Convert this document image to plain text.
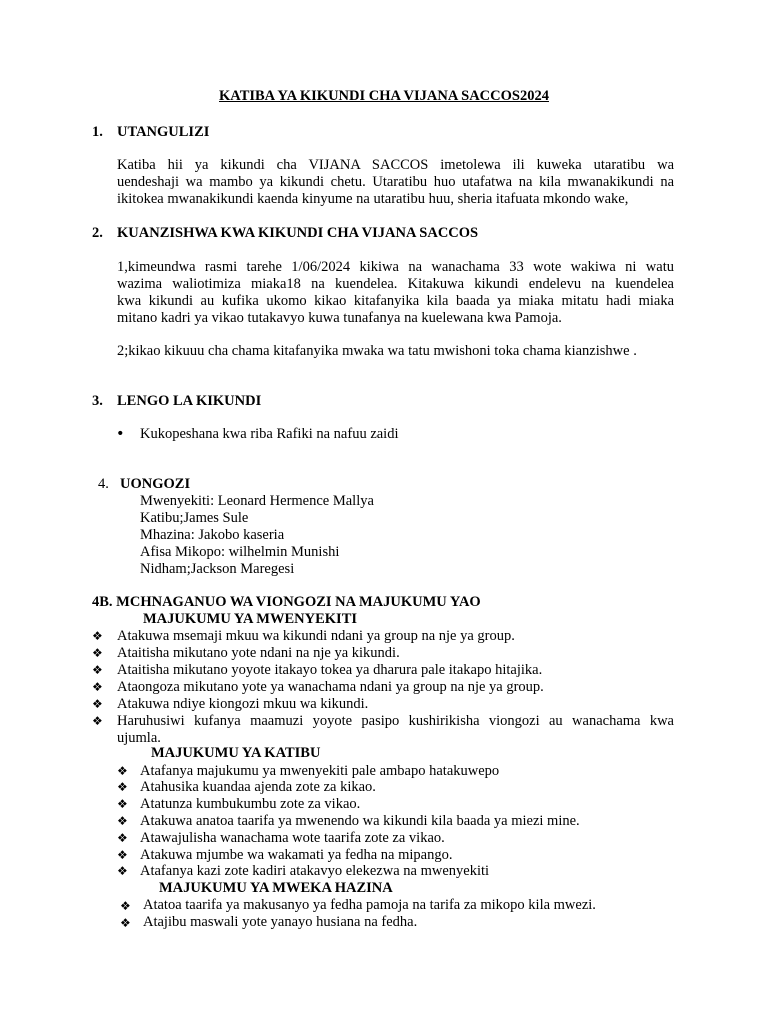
KATIBA YA KIKUNDI CHA VIJANA SACCOS2024
1. UTANGULIZI
Katiba hii ya kikundi cha VIJANA SACCOS imetolewa ili kuweka utaratibu wa
uendeshaji wa mambo ya kikundi chetu. Utaratibu huo utafatwa na kila mwanakikundi na
ikitokea mwanakikundi kaenda kinyume na utaratibu huu, sheria itafuata mkondo wake,
2. KUANZISHWA KWA KIKUNDI CHA VIJANA SACCOS
1,kimeundwa rasmi tarehe 1/06/2024 kikiwa na wanachama 33 wote wakiwa ni watu
wazima waliotimiza miaka18 na kuendelea. Kitakuwa kikundi endelevu na kuendelea
kwa kikundi au kufika ukomo kikao kitafanyika kila baada ya miaka mitatu hadi miaka
mitano kadri ya vikao tutakavyo kuwa tunafanya na kuelewana kwa Pamoja.
2;kikao kikuuu cha chama kitafanyika mwaka wa tatu mwishoni toka chama kianzishwe .
3. LENGO LA KIKUNDI
• Kukopeshana kwa riba Rafiki na nafuu zaidi
4. UONGOZI
Mwenyekiti: Leonard Hermence Mallya
Katibu;James Sule
Mhazina: Jakobo kaseria
Afisa Mikopo: wilhelmin Munishi
Nidham;Jackson Maregesi
4B. MCHNAGANUO WA VIONGOZI NA MAJUKUMU YAO
MAJUKUMU YA MWENYEKITI
❖ Atakuwa msemaji mkuu wa kikundi ndani ya group na nje ya group.
❖ Ataitisha mikutano yote ndani na nje ya kikundi.
❖ Ataitisha mikutano yoyote itakayo tokea ya dharura pale itakapo hitajika.
❖ Ataongoza mikutano yote ya wanachama ndani ya group na nje ya group.
❖ Atakuwa ndiye kiongozi mkuu wa kikundi.
❖ Haruhusiwi kufanya maamuzi yoyote pasipo kushirikisha viongozi au wanachama kwa
ujumla.
MAJUKUMU YA KATIBU
❖ Atafanya majukumu ya mwenyekiti pale ambapo hatakuwepo
❖ Atahusika kuandaa ajenda zote za kikao.
❖ Atatunza kumbukumbu zote za vikao.
❖ Atakuwa anatoa taarifa ya mwenendo wa kikundi kila baada ya miezi mine.
❖ Atawajulisha wanachama wote taarifa zote za vikao.
❖ Atakuwa mjumbe wa wakamati ya fedha na mipango.
❖ Atafanya kazi zote kadiri atakavyo elekezwa na mwenyekiti
MAJUKUMU YA MWEKA HAZINA
❖ Atatoa taarifa ya makusanyo ya fedha pamoja na tarifa za mikopo kila mwezi.
❖ Atajibu maswali yote yanayo husiana na fedha.
